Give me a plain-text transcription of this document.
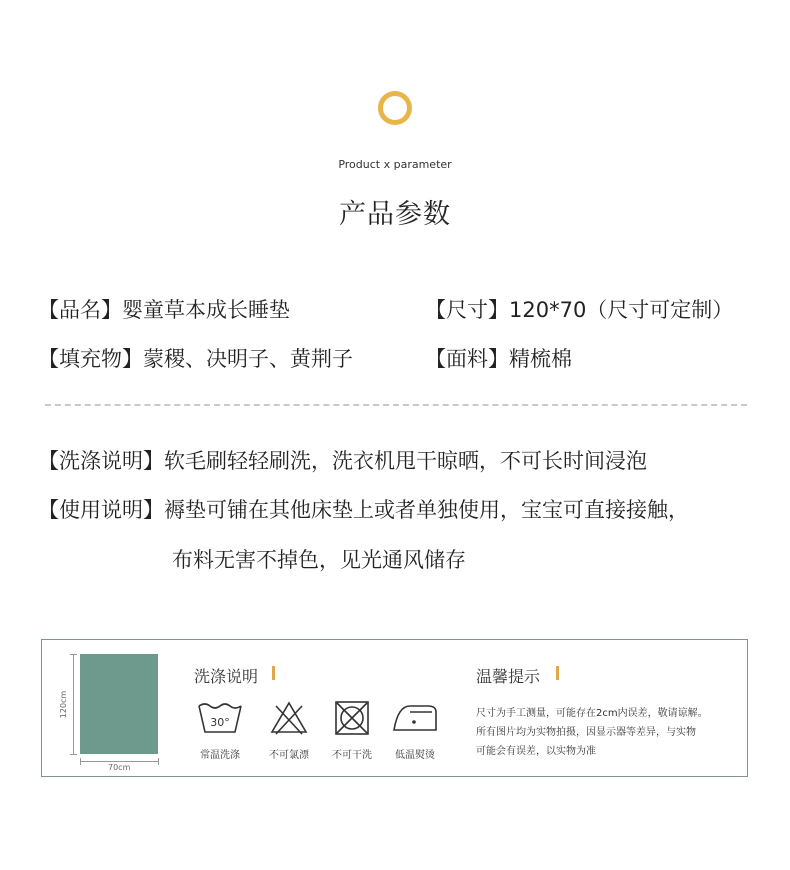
Product x parameter
产品参数
【品名】婴童草本成长睡垫	【尺寸】120*70（尺寸可定制）
【填充物】蒙稷、决明子、黄荆子	【面料】精梳棉
【洗涤说明】软毛刷轻轻刷洗，洗衣机甩干晾晒，不可长时间浸泡
【使用说明】褥垫可铺在其他床垫上或者单独使用，宝宝可直接接触，
布料无害不掉色，见光通风储存
120cm
70cm
洗涤说明
30°
常温洗涤	不可氯漂	不可干洗	低温熨烫
温馨提示
尺寸为手工测量，可能存在2cm内误差，敬请谅解。
所有图片均为实物拍摄，因显示器等差异，与实物
可能会有误差，以实物为准
